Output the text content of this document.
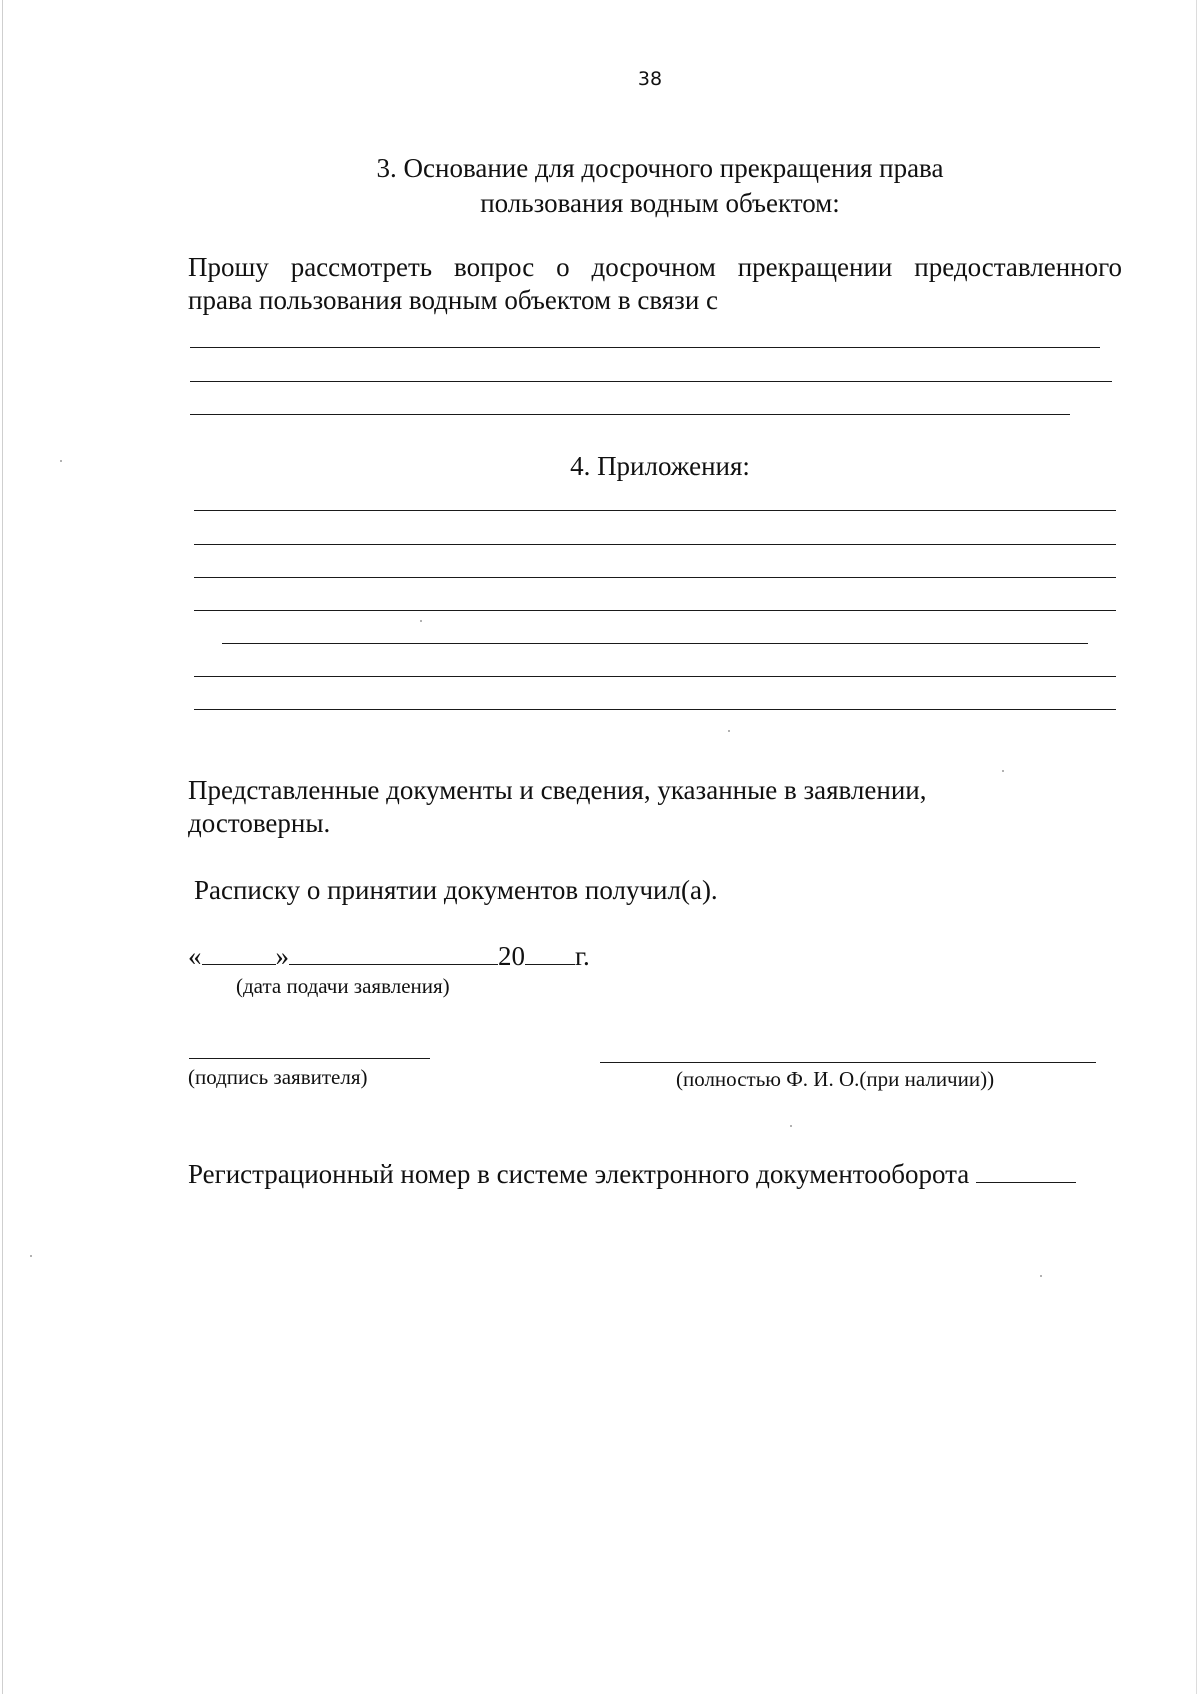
38
3. Основание для досрочного прекращения права
пользования водным объектом:
Прошу рассмотреть вопрос о досрочном прекращении предоставленного
права пользования водным объектом в связи с
4. Приложения:
Представленные документы и сведения, указанные в заявлении,
достоверны.
Расписку о принятии документов получил(а).
«	»	20 г.
(дата подачи заявления)
(подпись заявителя)	(полностью Ф. И. О.(при наличии))
Регистрационный номер в системе электронного документооборота
